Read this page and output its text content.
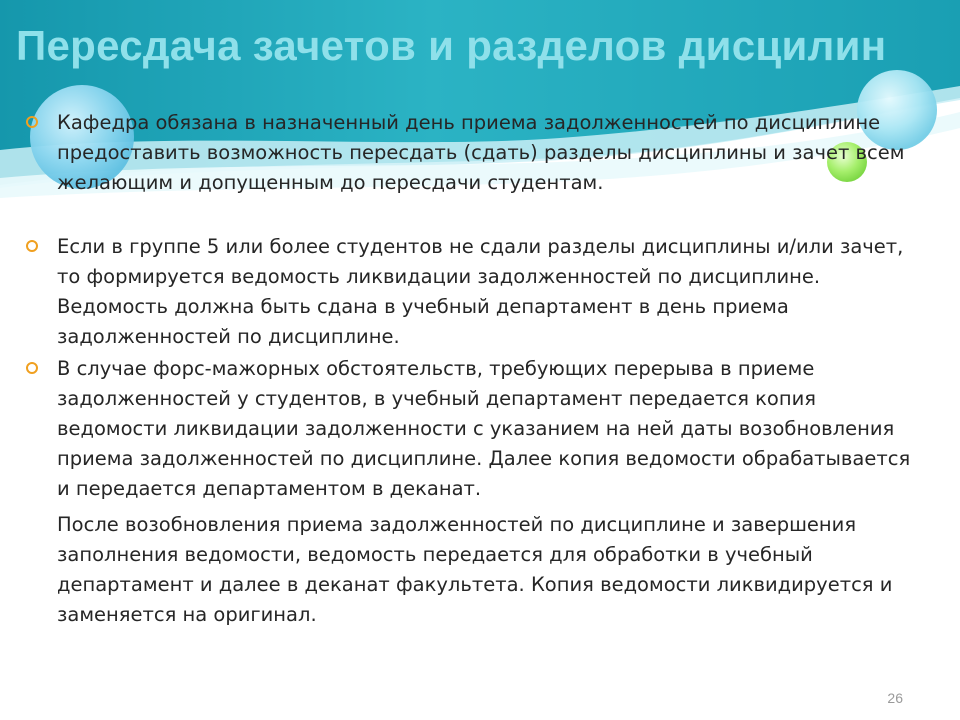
Пересдача зачетов и разделов дисцилин
Кафедра обязана в назначенный день приема задолженностей по дисциплине предоставить возможность пересдать (сдать) разделы дисциплины и зачет всем желающим и допущенным до пересдачи студентам.
Если в группе 5 или более студентов не сдали разделы дисциплины и/или зачет, то формируется ведомость ликвидации задолженностей по дисциплине. Ведомость должна быть сдана в учебный департамент в день приема задолженностей по дисциплине.
В случае форс-мажорных обстоятельств, требующих перерыва в приеме задолженностей у студентов, в учебный департамент передается копия ведомости ликвидации задолженности с указанием на ней даты возобновления приема задолженностей по дисциплине. Далее копия ведомости обрабатывается и передается департаментом в деканат.
После возобновления приема задолженностей по дисциплине и завершения заполнения ведомости, ведомость передается для обработки в учебный департамент и далее в деканат факультета. Копия ведомости ликвидируется и заменяется на оригинал.
26
